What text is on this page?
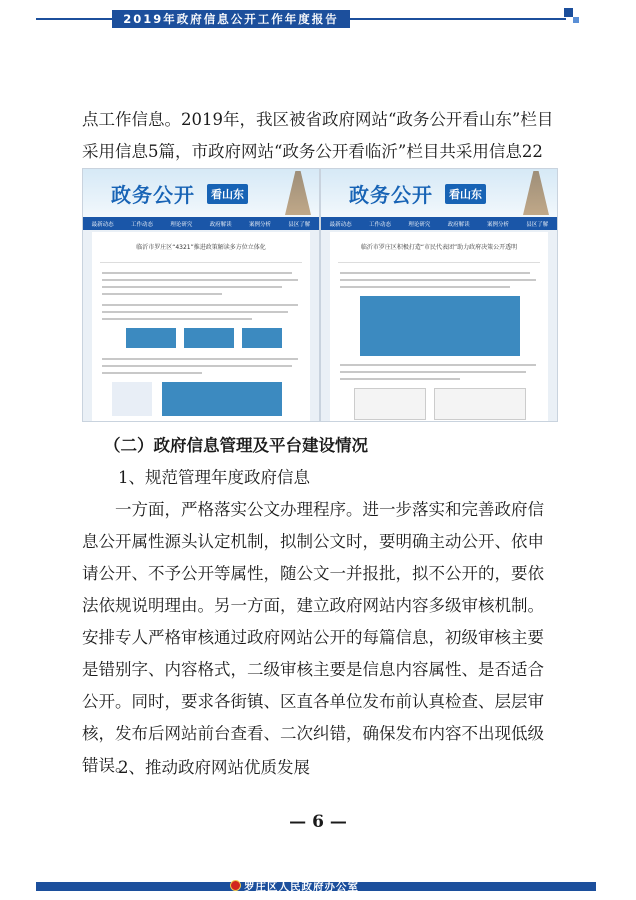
2019年政府信息公开工作年度报告

点工作信息。2019年，我区被省政府网站“政务公开看山东”栏目采用信息5篇，市政府网站“政务公开看临沂”栏目共采用信息22

政务公开	看山东
最新动态	工作动态	理论研究	政府解读	案例分析	县区了解
临沂市罗庄区“4321”推进政策解读多方位立体化
政务公开	看山东
最新动态	工作动态	理论研究	政府解读	案例分析	县区了解
临沂市罗庄区积极打造“市民代表团”助力政府决策公开透明

（二）政府信息管理及平台建设情况

1、规范管理年度政府信息

一方面，严格落实公文办理程序。进一步落实和完善政府信息公开属性源头认定机制，拟制公文时，要明确主动公开、依申请公开、不予公开等属性，随公文一并报批，拟不公开的，要依法依规说明理由。另一方面，建立政府网站内容多级审核机制。安排专人严格审核通过政府网站公开的每篇信息，初级审核主要是错别字、内容格式，二级审核主要是信息内容属性、是否适合公开。同时，要求各街镇、区直各单位发布前认真检查、层层审核，发布后网站前台查看、二次纠错，确保发布内容不出现低级错误。

2、推动政府网站优质发展

— 6 —
罗庄区人民政府办公室
